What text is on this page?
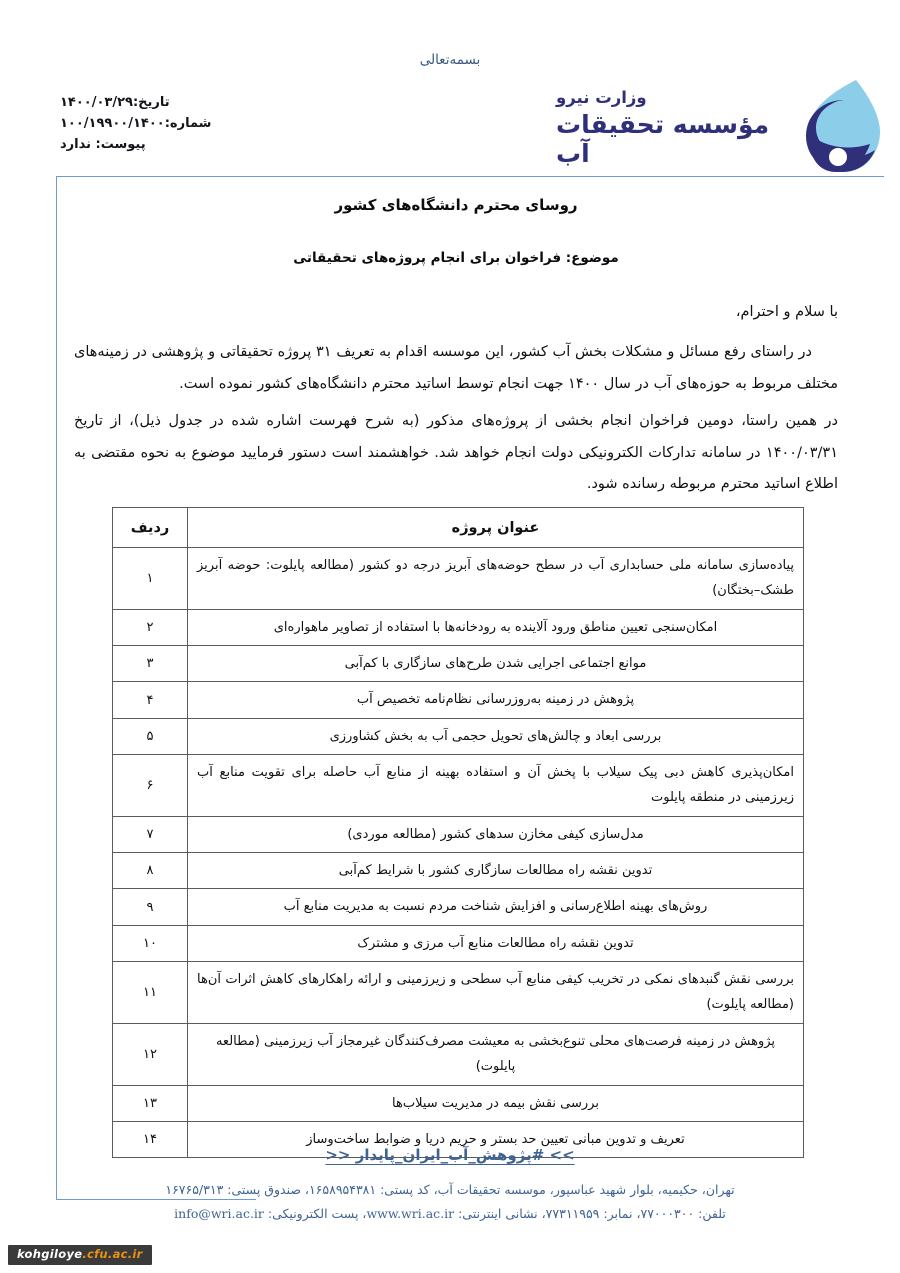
بسمه‌تعالی
تاریخ:۱۴۰۰/۰۳/۲۹
شماره:۱۰۰/۱۹۹۰۰/۱۴۰۰
پیوست: ندارد
وزارت نیرو
مؤسسه تحقیقات آب
روسای محترم دانشگاه‌های کشور
موضوع: فراخوان برای انجام پروژه‌های تحقیقاتی
با سلام و احترام،

در راستای رفع مسائل و مشکلات بخش آب کشور، این موسسه اقدام به تعریف ۳۱ پروژه تحقیقاتی و پژوهشی در زمینه‌های مختلف مربوط به حوزه‌های آب در سال ۱۴۰۰ جهت انجام توسط اساتید محترم دانشگاه‌های کشور نموده است.

در همین راستا، دومین فراخوان انجام بخشی از پروژه‌های مذکور (به شرح فهرست اشاره شده در جدول ذیل)، از تاریخ ۱۴۰۰/۰۳/۳۱ در سامانه تدارکات الکترونیکی دولت انجام خواهد شد. خواهشمند است دستور فرمایید موضوع به نحوه مقتضی به اطلاع اساتید محترم مربوطه رسانده شود.

عنوان پروژه	ردیف
پیاده‌سازی سامانه ملی حسابداری آب در سطح حوضه‌های آبریز درجه دو کشور (مطالعه پایلوت: حوضه آبریز طشک–بختگان)	۱
امکان‌سنجی تعیین مناطق ورود آلاینده به رودخانه‌ها با استفاده از تصاویر ماهواره‌ای	۲
موانع اجتماعی اجرایی شدن طرح‌های سازگاری با کم‌آبی	۳
پژوهش در زمینه به‌روزرسانی نظام‌نامه تخصیص آب	۴
بررسی ابعاد و چالش‌های تحویل حجمی آب به بخش کشاورزی	۵
امکان‌پذیری کاهش دبی پیک سیلاب با پخش آن و استفاده بهینه از منابع آب حاصله برای تقویت منابع آب زیرزمینی در منطقه پایلوت	۶
مدل‌سازی کیفی مخازن سدهای کشور (مطالعه موردی)	۷
تدوین نقشه راه مطالعات سازگاری کشور با شرایط کم‌آبی	۸
روش‌های بهینه اطلاع‌رسانی و افزایش شناخت مردم نسبت به مدیریت منابع آب	۹
تدوین نقشه راه مطالعات منابع آب مرزی و مشترک	۱۰
بررسی نقش گنبدهای نمکی در تخریب کیفی منابع آب سطحی و زیرزمینی و ارائه راهکارهای کاهش اثرات آن‌ها (مطالعه پایلوت)	۱۱
پژوهش در زمینه فرصت‌های محلی تنوع‌بخشی به معیشت مصرف‌کنندگان غیرمجاز آب زیرزمینی (مطالعه پایلوت)	۱۲
بررسی نقش بیمه در مدیریت سیلاب‌ها	۱۳
تعریف و تدوین مبانی تعیین حد بستر و حریم دریا و ضوابط ساخت‌وساز	۱۴
>> #پژوهش_آب_ایران_پایدار <<
تهران، حکیمیه، بلوار شهید عباسپور، موسسه تحقیقات آب، کد پستی: ۱۶۵۸۹۵۴۳۸۱، صندوق پستی: ۱۶۷۶۵/۳۱۳
تلفن: ۷۷۰۰۰۳۰۰، نمابر: ۷۷۳۱۱۹۵۹، نشانی اینترنتی: www.wri.ac.ir، پست الکترونیکی: info@wri.ac.ir
kohgiloye.cfu.ac.ir
